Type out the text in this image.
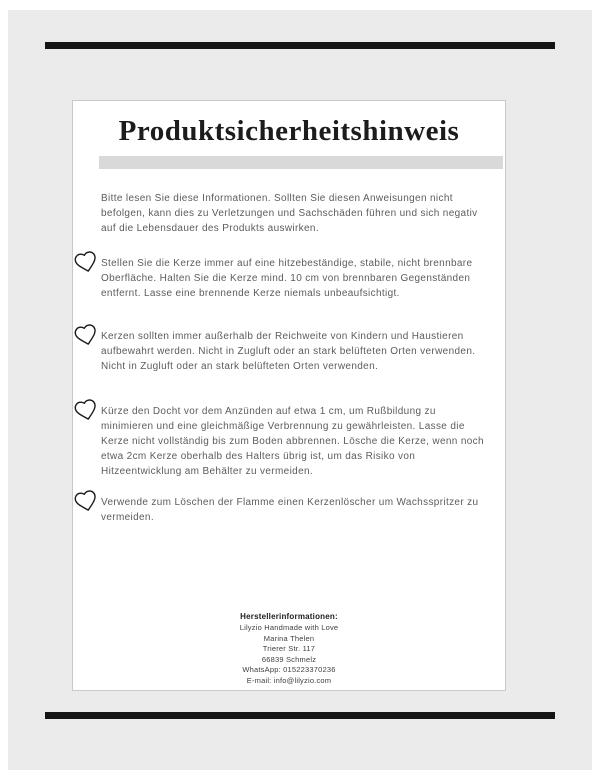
Produktsicherheitshinweis

Bitte lesen Sie diese Informationen. Sollten Sie diesen Anweisungen nicht befolgen, kann dies zu Verletzungen und Sachschäden führen und sich negativ auf die Lebensdauer des Produkts auswirken.

Stellen Sie die Kerze immer auf eine hitzebeständige, stabile, nicht brennbare Oberfläche. Halten Sie die Kerze mind. 10 cm von brennbaren Gegenständen entfernt. Lasse eine brennende Kerze niemals unbeaufsichtigt.

Kerzen sollten immer außerhalb der Reichweite von Kindern und Haustieren aufbewahrt werden. Nicht in Zugluft oder an stark belüfteten Orten verwenden. Nicht in Zugluft oder an stark belüfteten Orten verwenden.

Kürze den Docht vor dem Anzünden auf etwa 1 cm, um Rußbildung zu minimieren und eine gleichmäßige Verbrennung zu gewährleisten. Lasse die Kerze nicht vollständig bis zum Boden abbrennen. Lösche die Kerze, wenn noch etwa 2cm Kerze oberhalb des Halters übrig ist, um das Risiko von Hitzeentwicklung am Behälter zu vermeiden.

Verwende zum Löschen der Flamme einen Kerzenlöscher um Wachsspritzer zu vermeiden.

Herstellerinformationen:

Lilyzio Handmade with Love

Marina Thelen

Trierer Str. 117

66839 Schmelz

WhatsApp: 015223370236

E-mail: info@lilyzio.com
